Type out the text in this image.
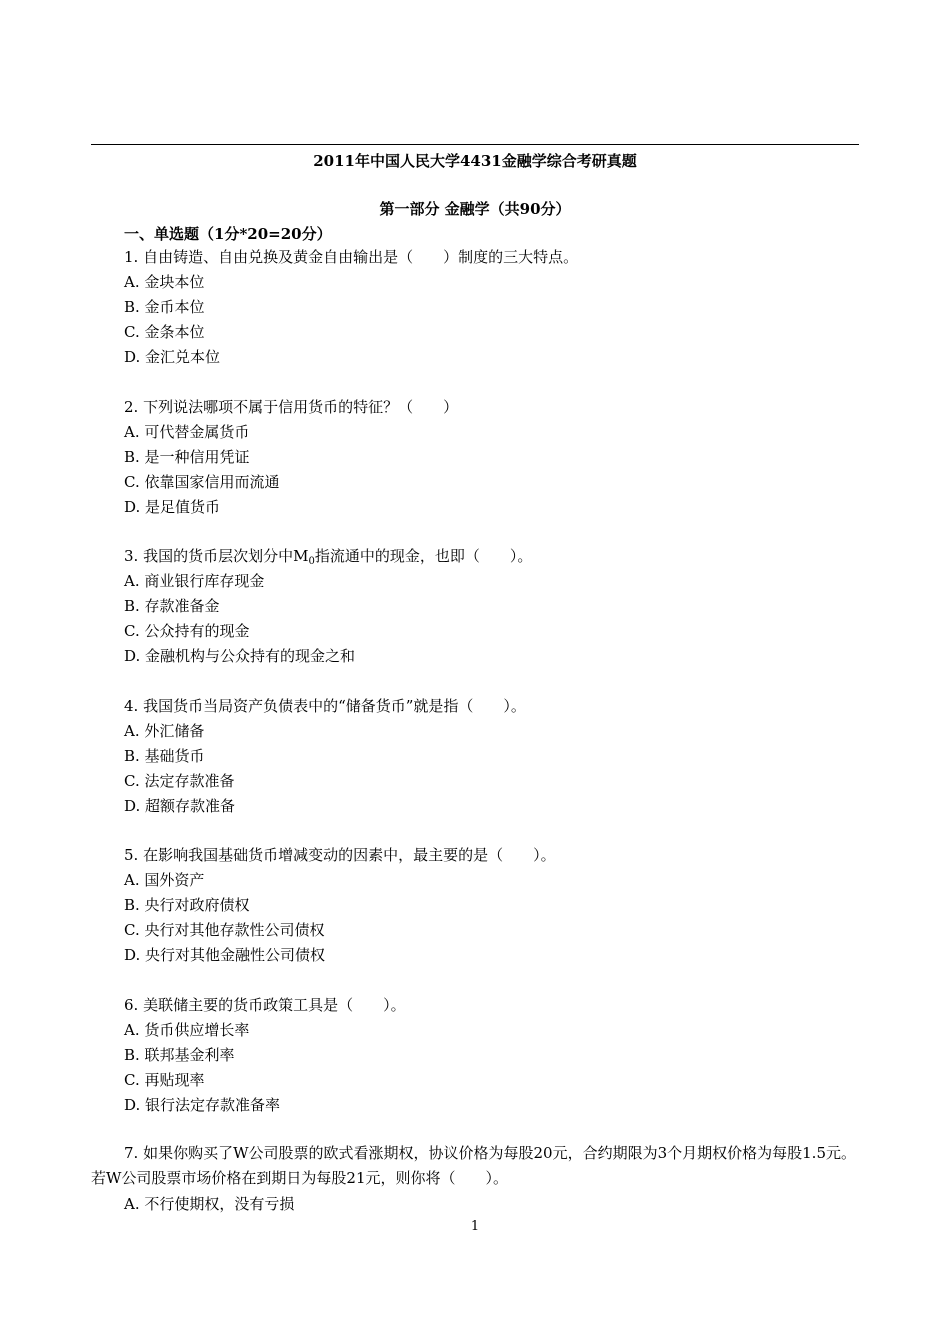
2011年中国人民大学4431金融学综合考研真题
第一部分 金融学（共90分）
一、单选题（1分*20=20分）
1. 自由铸造、自由兑换及黄金自由输出是（　　）制度的三大特点。
A. 金块本位
B. 金币本位
C. 金条本位
D. 金汇兑本位
2. 下列说法哪项不属于信用货币的特征？（　　）
A. 可代替金属货币
B. 是一种信用凭证
C. 依靠国家信用而流通
D. 是足值货币
3. 我国的货币层次划分中$M_0$指流通中的现金，也即（　　）。
A. 商业银行库存现金
B. 存款准备金
C. 公众持有的现金
D. 金融机构与公众持有的现金之和
4. 我国货币当局资产负债表中的“储备货币”就是指（　　）。
A. 外汇储备
B. 基础货币
C. 法定存款准备
D. 超额存款准备
5. 在影响我国基础货币增减变动的因素中，最主要的是（　　）。
A. 国外资产
B. 央行对政府债权
C. 央行对其他存款性公司债权
D. 央行对其他金融性公司债权
6. 美联储主要的货币政策工具是（　　）。
A. 货币供应增长率
B. 联邦基金利率
C. 再贴现率
D. 银行法定存款准备率
7. 如果你购买了W公司股票的欧式看涨期权，协议价格为每股20元，合约期限为3个月期权价格为每股1.5元。若W公司股票市场价格在到期日为每股21元，则你将（　　）。
A. 不行使期权，没有亏损
1
